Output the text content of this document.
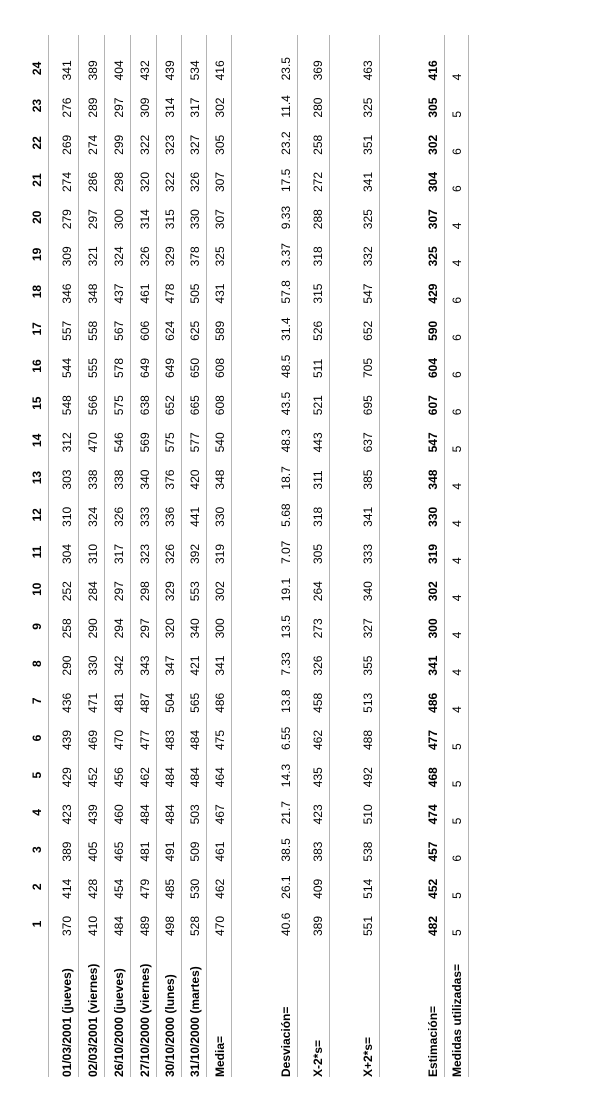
1
2
3
4
5
6
7
8
9
10
11
12
13
14
15
16
17
18
19
20
21
22
23
24
01/03/2001 (jueves)
370
414
389
423
429
439
436
290
258
252
304
310
303
312
548
544
557
346
309
279
274
269
276
341
02/03/2001 (viernes)
410
428
405
439
452
469
471
330
290
284
310
324
338
470
566
555
558
348
321
297
286
274
289
389
26/10/2000 (jueves)
484
454
465
460
456
470
481
342
294
297
317
326
338
546
575
578
567
437
324
300
298
299
297
404
27/10/2000 (viernes)
489
479
481
484
462
477
487
343
297
298
323
333
340
569
638
649
606
461
326
314
320
322
309
432
30/10/2000 (lunes)
498
485
491
484
484
483
504
347
320
329
326
336
376
575
652
649
624
478
329
315
322
323
314
439
31/10/2000 (martes)
528
530
509
503
484
484
565
421
340
553
392
441
420
577
665
650
625
505
378
330
326
327
317
534
Media=
470
462
461
467
464
475
486
341
300
302
319
330
348
540
608
608
589
431
325
307
307
305
302
416
Desviación=
40.6
26.1
38.5
21.7
14.3
6.55
13.8
7.33
13.5
19.1
7.07
5.68
18.7
48.3
43.5
48.5
31.4
57.8
3.37
9.33
17.5
23.2
11.4
23.5
X-2*s=
389
409
383
423
435
462
458
326
273
264
305
318
311
443
521
511
526
315
318
288
272
258
280
369
X+2*s=
551
514
538
510
492
488
513
355
327
340
333
341
385
637
695
705
652
547
332
325
341
351
325
463
Estimación=
482
452
457
474
468
477
486
341
300
302
319
330
348
547
607
604
590
429
325
307
304
302
305
416
Medidas utilizadas=
5
5
6
5
5
5
4
4
4
4
4
4
4
5
6
6
6
6
4
4
6
6
5
4
